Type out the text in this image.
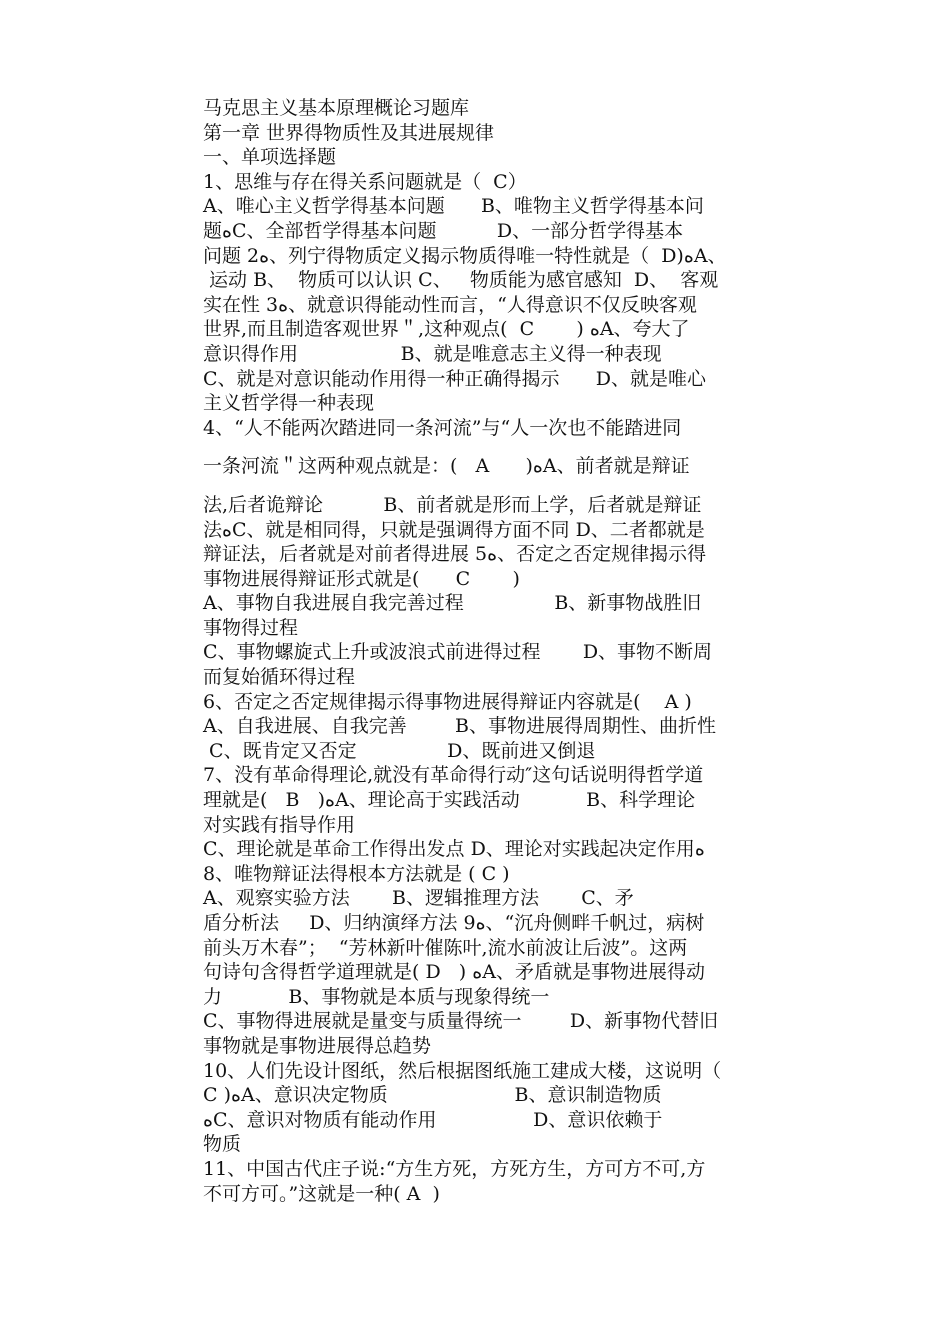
马克思主义基本原理概论习题库
第一章 世界得物质性及其进展规律
一、单项选择题
1、思维与存在得关系问题就是（  C）
A、唯心主义哲学得基本问题      B、唯物主义哲学得基本问
题ﻩC、全部哲学得基本问题          D、一部分哲学得基本
问题 2ﻩ、列宁得物质定义揭示物质得唯一特性就是（  D)ﻩA、
运动 B、  物质可以认识 C、   物质能为感官感知  D、  客观
实在性 3ﻩ、就意识得能动性而言，“人得意识不仅反映客观
世界,而且制造客观世界＂,这种观点(  C       ) ﻩA、夸大了
意识得作用                 B、就是唯意志主义得一种表现
C、就是对意识能动作用得一种正确得揭示      D、就是唯心
主义哲学得一种表现
4、“人不能两次踏进同一条河流”与“人一次也不能踏进同
一条河流＂这两种观点就是：(   A      )ﻩA、前者就是辩证
法,后者诡辩论          B、前者就是形而上学，后者就是辩证
法ﻩC、就是相同得，只就是强调得方面不同 D、二者都就是
辩证法，后者就是对前者得进展 5ﻩ、否定之否定规律揭示得
事物进展得辩证形式就是(      C       )
A、事物自我进展自我完善过程               B、新事物战胜旧
事物得过程
C、事物螺旋式上升或波浪式前进得过程       D、事物不断周
而复始循环得过程
6、否定之否定规律揭示得事物进展得辩证内容就是(    A )
A、自我进展、自我完善        B、事物进展得周期性、曲折性
C、既肯定又否定               D、既前进又倒退
7、没有革命得理论,就没有革命得行动″这句话说明得哲学道
理就是(   B   )ﻩA、理论高于实践活动           B、科学理论
对实践有指导作用
C、理论就是革命工作得出发点 D、理论对实践起决定作用ﻩ
8、唯物辩证法得根本方法就是 ( C )
A、观察实验方法       B、逻辑推理方法       C、矛
盾分析法     D、归纳演绎方法 9ﻩ、“沉舟侧畔千帆过，病树
前头万木春”；  “芳林新叶催陈叶,流水前波让后波”。这两
句诗句含得哲学道理就是( D   ) ﻩA、矛盾就是事物进展得动
力           B、事物就是本质与现象得统一
C、事物得进展就是量变与质量得统一        D、新事物代替旧
事物就是事物进展得总趋势
10、人们先设计图纸，然后根据图纸施工建成大楼，这说明（
C )ﻩA、意识决定物质                     B、意识制造物质
ﻩC、意识对物质有能动作用                D、意识依赖于
物质
11、中国古代庄子说:“方生方死，方死方生，方可方不可,方
不可方可。”这就是一种( A  )
